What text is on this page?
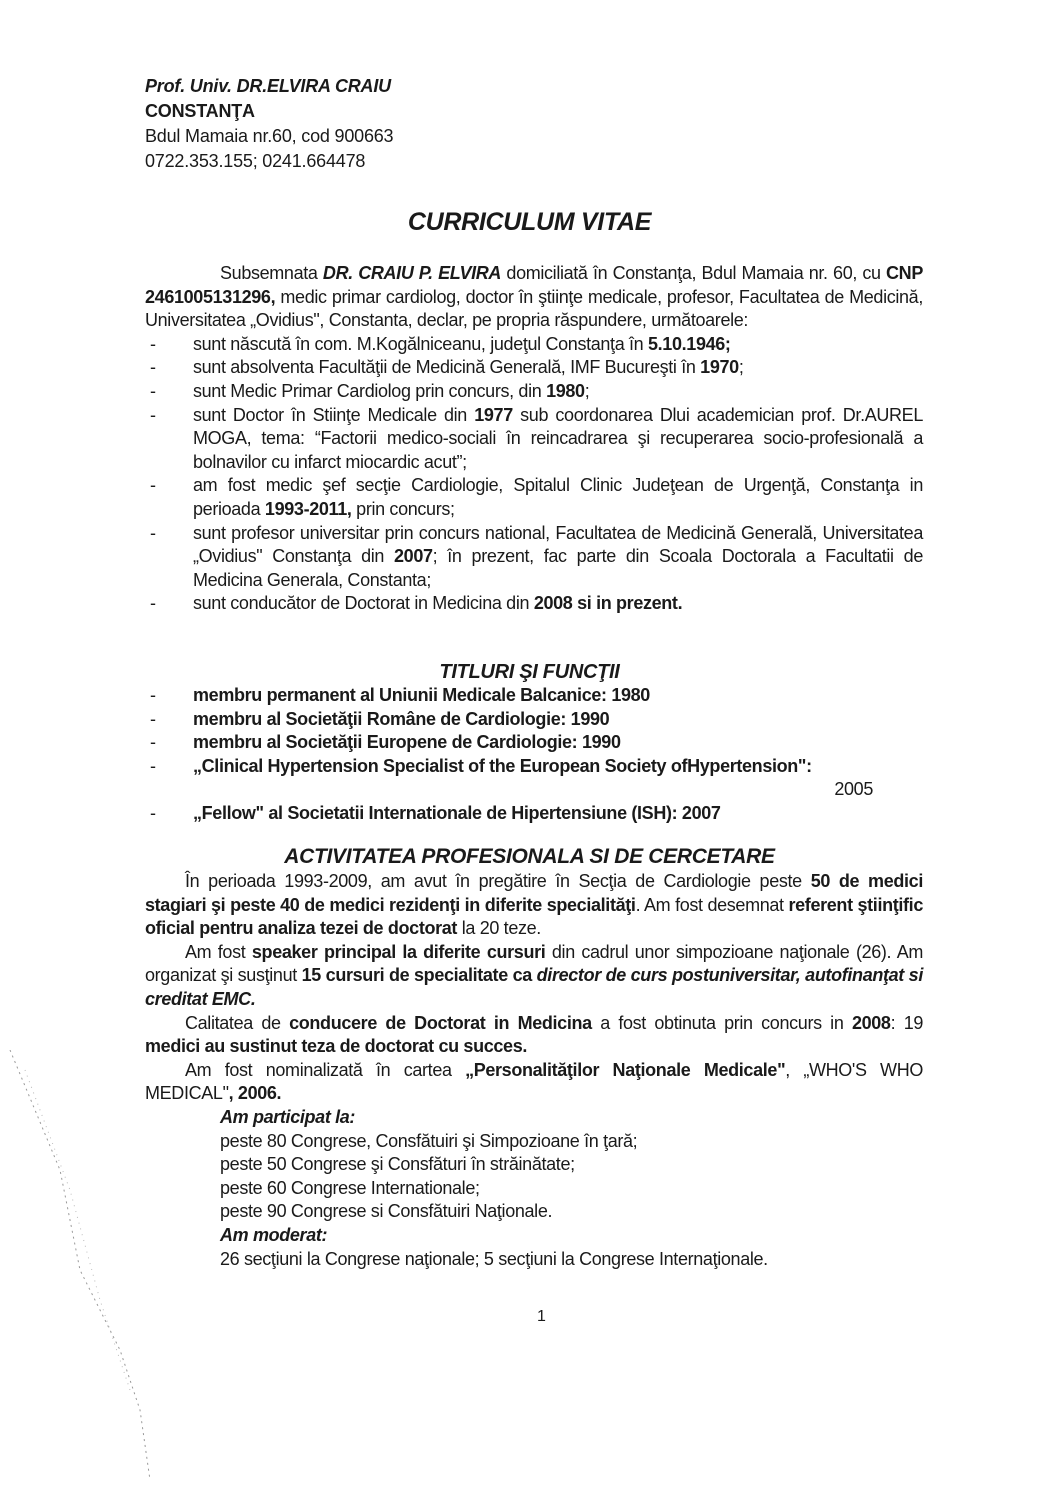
Prof. Univ. DR.ELVIRA CRAIU
CONSTANŢA
Bdul Mamaia nr.60, cod 900663
0722.353.155; 0241.664478
CURRICULUM VITAE

Subsemnata DR. CRAIU P. ELVIRA domiciliată în Constanţa, Bdul Mamaia nr. 60, cu CNP 2461005131296, medic primar cardiolog, doctor în ştiinţe medicale, profesor, Facultatea de Medicină, Universitatea „Ovidius", Constanta, declar, pe propria răspundere, următoarele:

- sunt născută în com. M.Kogălniceanu, judeţul Constanţa în 5.10.1946;
- sunt absolventa Facultăţii de Medicină Generală, IMF Bucureşti în 1970;
- sunt Medic Primar Cardiolog prin concurs, din 1980;
- sunt Doctor în Stiinţe Medicale din 1977 sub coordonarea Dlui academician prof. Dr.AUREL MOGA, tema: “Factorii medico-sociali în reincadrarea şi recuperarea socio-profesională a bolnavilor cu infarct miocardic acut”;
- am fost medic şef secţie Cardiologie, Spitalul Clinic Judeţean de Urgenţă, Constanţa in perioada 1993-2011, prin concurs;
- sunt profesor universitar prin concurs national, Facultatea de Medicină Generală, Universitatea „Ovidius" Constanţa din 2007; în prezent, fac parte din Scoala Doctorala a Facultatii de Medicina Generala, Constanta;
- sunt conducător de Doctorat in Medicina din 2008 si in prezent.
TITLURI ŞI FUNCŢII
- membru permanent al Uniunii Medicale Balcanice: 1980
- membru al Societăţii Române de Cardiologie: 1990
- membru al Societăţii Europene de Cardiologie: 1990
- „Clinical Hypertension Specialist of the European Society ofHypertension":
2005
- „Fellow" al Societatii Internationale de Hipertensiune (ISH): 2007
ACTIVITATEA PROFESIONALA SI DE CERCETARE

În perioada 1993-2009, am avut în pregătire în Secţia de Cardiologie peste 50 de medici stagiari şi peste 40 de medici rezidenţi in diferite specialităţi. Am fost desemnat referent ştiinţific oficial pentru analiza tezei de doctorat la 20 teze.

Am fost speaker principal la diferite cursuri din cadrul unor simpozioane naţionale (26). Am organizat şi susţinut 15 cursuri de specialitate ca director de curs postuniversitar, autofinanţat si creditat EMC.

Calitatea de conducere de Doctorat in Medicina a fost obtinuta prin concurs in 2008: 19 medici au sustinut teza de doctorat cu succes.

Am fost nominalizată în cartea „Personalităţilor Naţionale Medicale", „WHO'S WHO MEDICAL", 2006.

Am participat la:
peste 80 Congrese, Consfătuiri şi Simpozioane în ţară;
peste 50 Congrese şi Consfături în străinătate;
peste 60 Congrese Internationale;
peste 90 Congrese si Consfătuiri Naţionale.
Am moderat:
26 secţiuni la Congrese naţionale; 5 secţiuni la Congrese Internaţionale.
1
